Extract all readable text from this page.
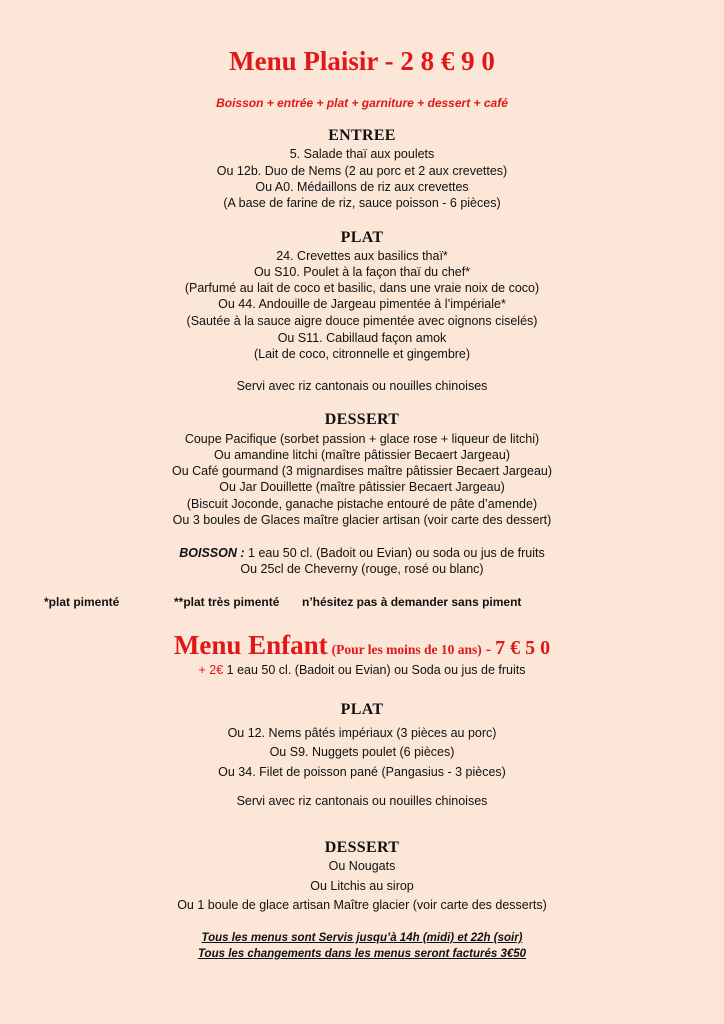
Menu Plaisir - 2 8 € 9 0
Boisson + entrée + plat + garniture + dessert + café
ENTREE
5. Salade thaï aux poulets
Ou 12b. Duo de Nems (2 au porc et 2 aux crevettes)
Ou A0. Médaillons de riz aux crevettes
(A base de farine de riz, sauce poisson - 6 pièces)
PLAT
24. Crevettes aux basilics thaï*
Ou S10. Poulet à la façon thaï du chef*
(Parfumé au lait de coco et basilic, dans une vraie noix de coco)
Ou 44. Andouille de Jargeau pimentée à l’impériale*
(Sautée à la sauce aigre douce pimentée avec oignons ciselés)
Ou S11. Cabillaud façon amok
(Lait de coco, citronnelle et gingembre)
Servi avec riz cantonais ou nouilles chinoises
DESSERT
Coupe Pacifique (sorbet passion + glace rose + liqueur de litchi)
Ou amandine litchi (maître pâtissier Becaert Jargeau)
Ou Café gourmand (3 mignardises maître pâtissier Becaert Jargeau)
Ou Jar Douillette (maître pâtissier Becaert Jargeau)
(Biscuit Joconde, ganache pistache entouré de pâte d’amende)
Ou 3 boules de Glaces maître glacier artisan (voir carte des dessert)
BOISSON : 1 eau 50 cl. (Badoit ou Evian) ou soda ou jus de fruits
Ou 25cl de Cheverny (rouge, rosé ou blanc)
*plat pimenté	**plat très pimenté n’hésitez pas à demander sans piment
Menu Enfant (Pour les moins de 10 ans) - 7 € 5 0
+ 2€ 1 eau 50 cl. (Badoit ou Evian) ou Soda ou jus de fruits
PLAT
Ou 12. Nems pâtés impériaux (3 pièces au porc)
Ou S9. Nuggets poulet (6 pièces)
Ou 34. Filet de poisson pané (Pangasius - 3 pièces)
Servi avec riz cantonais ou nouilles chinoises
DESSERT
Ou Nougats
Ou Litchis au sirop
Ou 1 boule de glace artisan Maître glacier (voir carte des desserts)
Tous les menus sont Servis jusqu’à 14h (midi) et 22h (soir)
Tous les changements dans les menus seront facturés 3€50
